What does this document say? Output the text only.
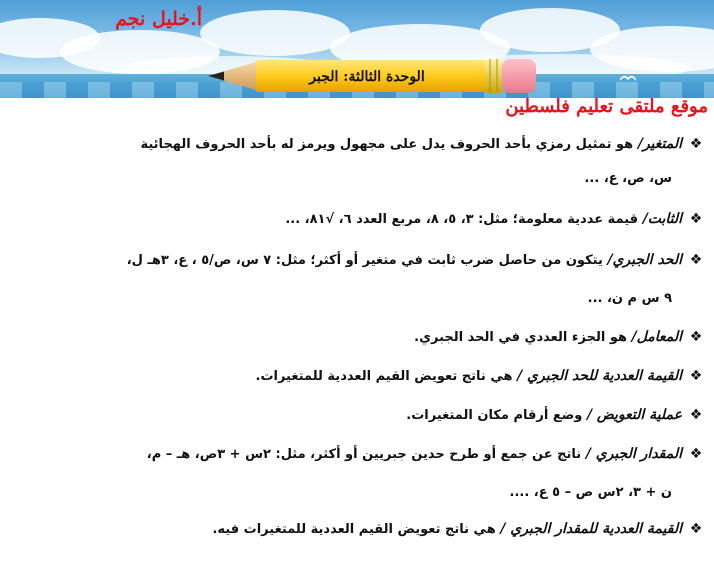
الوحدة الثالثة: الجبر
أ.خليل نجم
موقع ملتقى تعليم فلسطين
❖
المتغير/ هو تمثيل رمزي بأحد الحروف يدل على مجهول ويرمز له بأحد الحروف الهجائية
س، ص، ع، ...
❖
الثابت/ قيمة عددية معلومة؛ مثل: ٣، ٥، ٨، مربع العدد ٦، √٨١، ...
❖
الحد الجبري/ يتكون من حاصل ضرب ثابت في متغير أو أكثر؛ مثل: ٧ س، ص/٥ ، ع، ٣هـ ل،
٩ س م ن، ...
❖
المعامل/ هو الجزء العددي في الحد الجبري.
❖
القيمة العددية للحد الجبري / هي ناتج تعويض القيم العددية للمتغيرات.
❖
عملية التعويض / وضع أرقام مكان المتغيرات.
❖
المقدار الجبري / ناتج عن جمع أو طرح حدين جبريين أو أكثر، مثل: ٢س + ٣ص، هـ – م،
ن + ٣، ٢س ص – ٥ ع، ....
❖
القيمة العددية للمقدار الجبري / هي ناتج تعويض القيم العددية للمتغيرات فيه.
